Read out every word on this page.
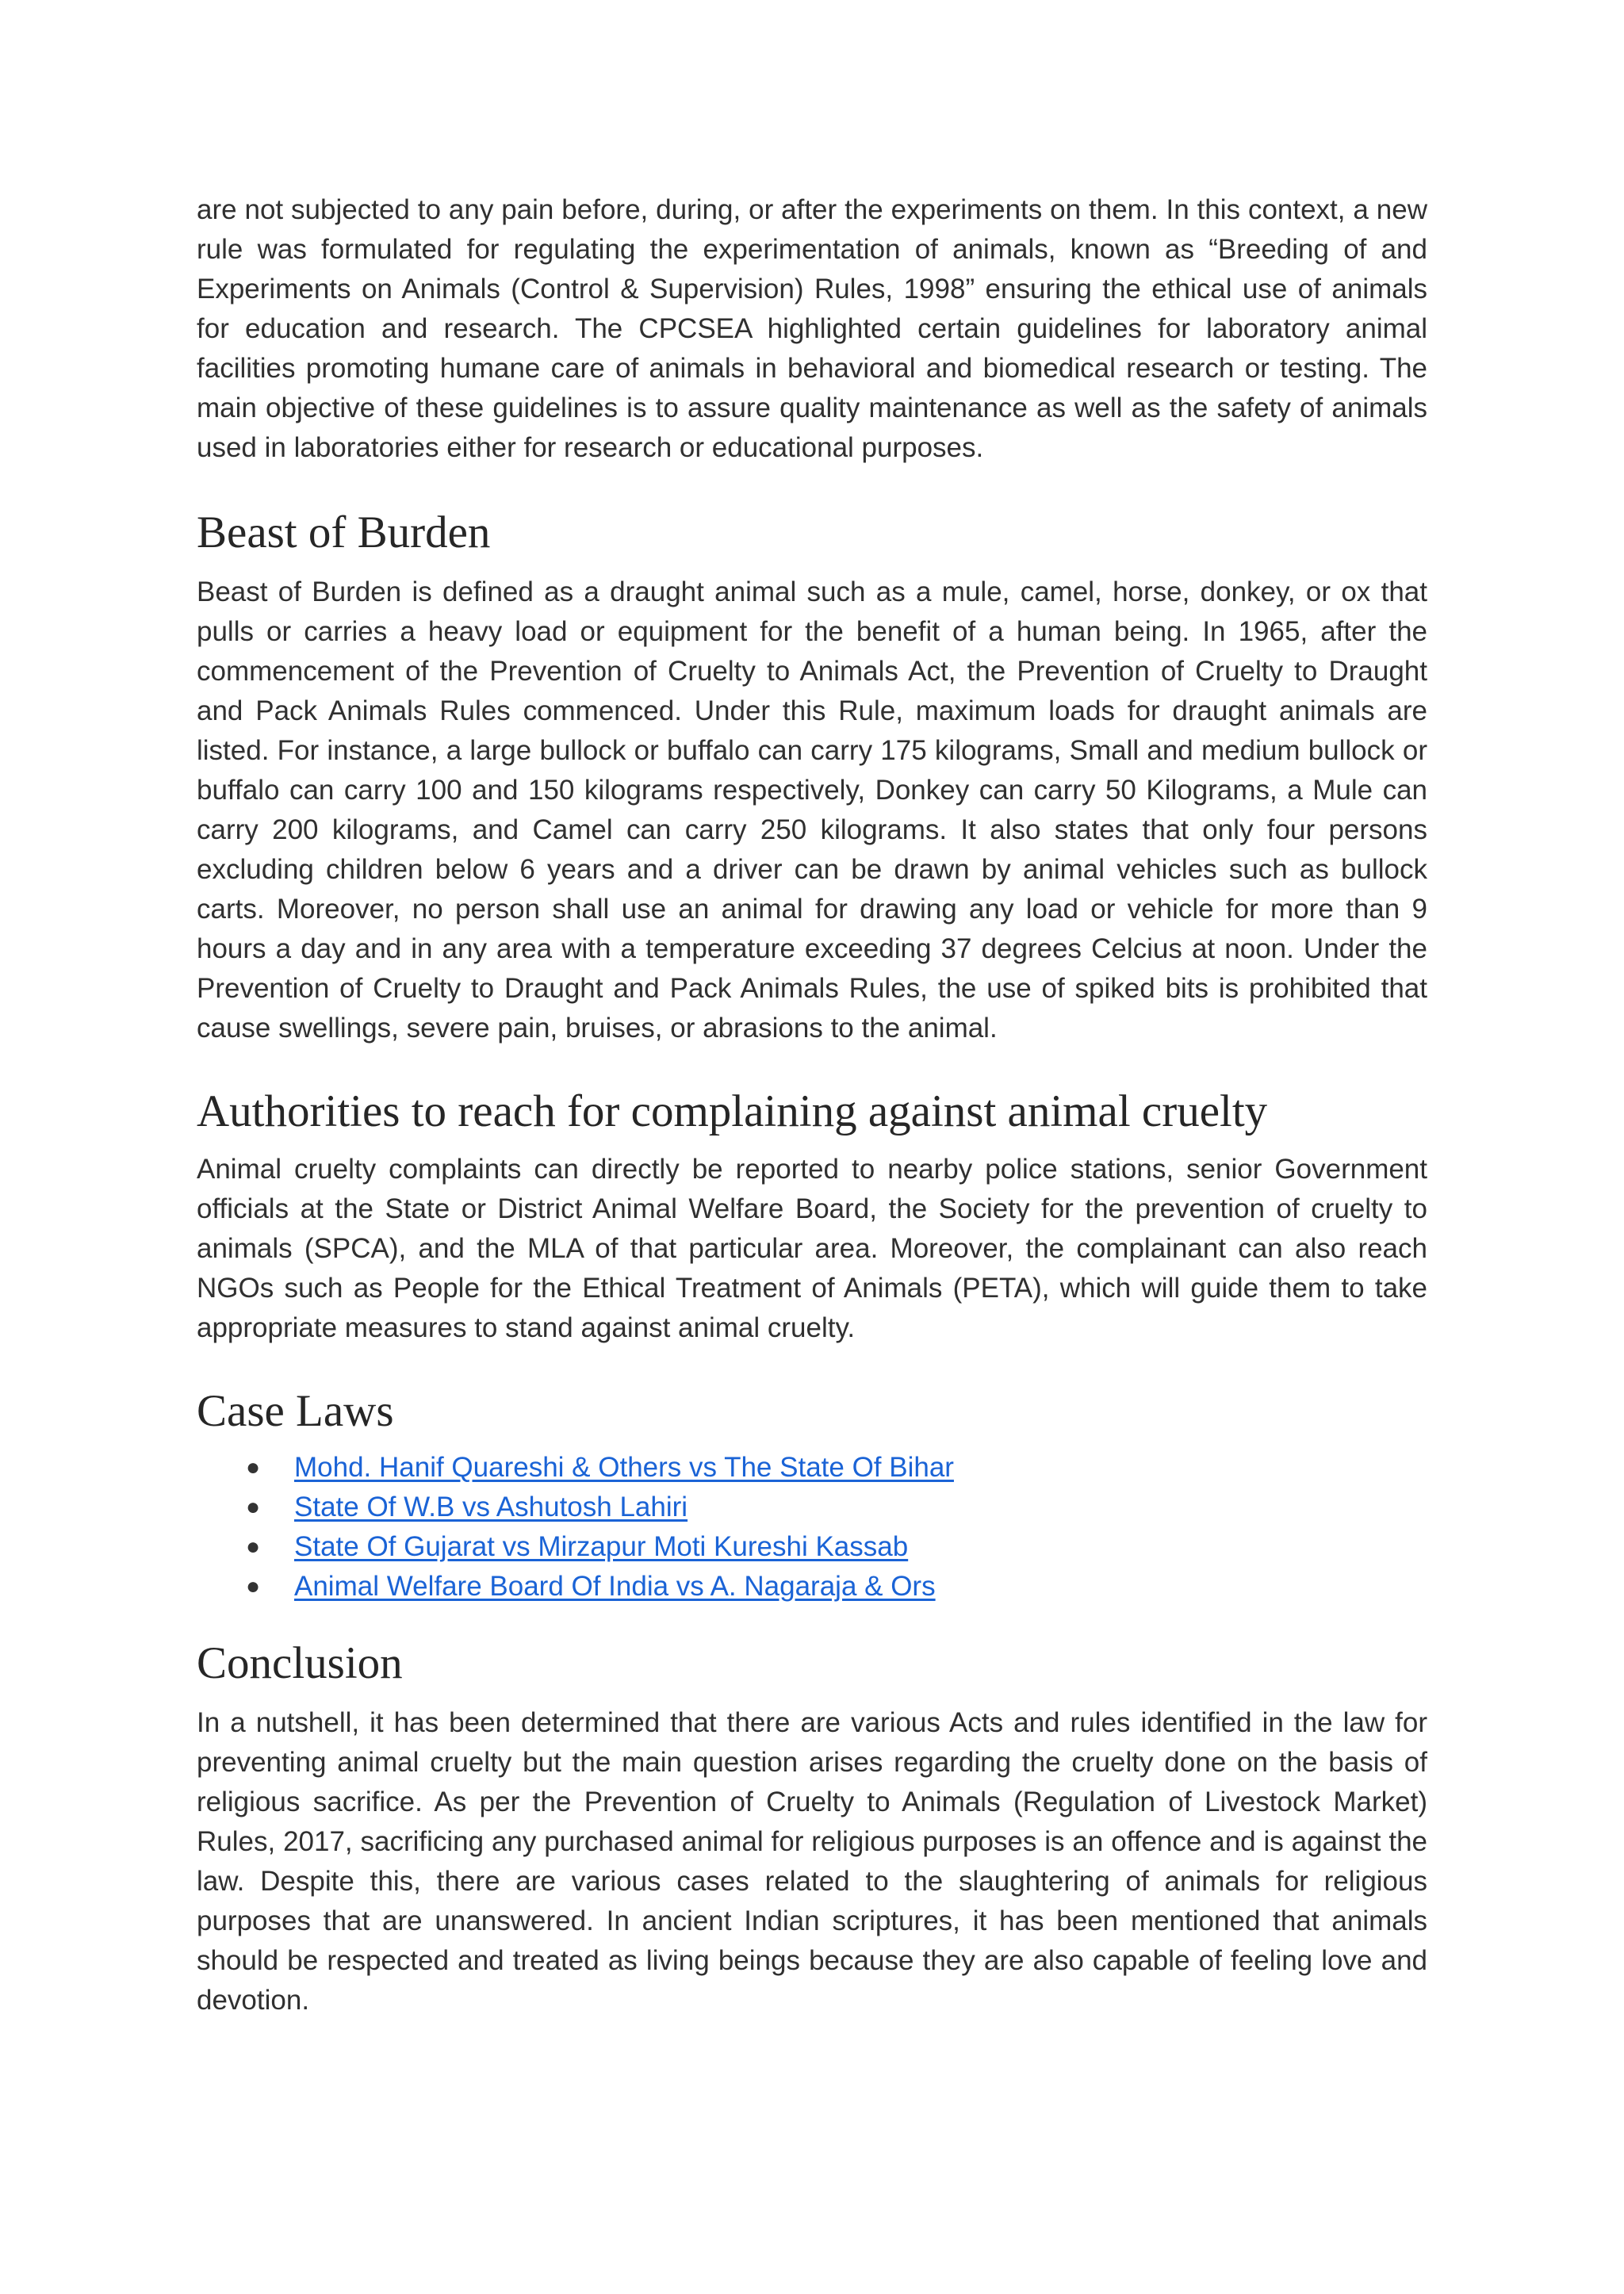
are not subjected to any pain before, during, or after the experiments on them. In this context, a new rule was formulated for regulating the experimentation of animals, known as “Breeding of and Experiments on Animals (Control & Supervision) Rules, 1998” ensuring the ethical use of animals for education and research. The CPCSEA highlighted certain guidelines for laboratory animal facilities promoting humane care of animals in behavioral and biomedical research or testing. The main objective of these guidelines is to assure quality maintenance as well as the safety of animals used in laboratories either for research or educational purposes.

Beast of Burden

Beast of Burden is defined as a draught animal such as a mule, camel, horse, donkey, or ox that pulls or carries a heavy load or equipment for the benefit of a human being. In 1965, after the commencement of the Prevention of Cruelty to Animals Act, the Prevention of Cruelty to Draught and Pack Animals Rules commenced. Under this Rule, maximum loads for draught animals are listed. For instance, a large bullock or buffalo can carry 175 kilograms, Small and medium bullock or buffalo can carry 100 and 150 kilograms respectively, Donkey can carry 50 Kilograms, a Mule can carry 200 kilograms, and Camel can carry 250 kilograms. It also states that only four persons excluding children below 6 years and a driver can be drawn by animal vehicles such as bullock carts. Moreover, no person shall use an animal for drawing any load or vehicle for more than 9 hours a day and in any area with a temperature exceeding 37 degrees Celcius at noon. Under the Prevention of Cruelty to Draught and Pack Animals Rules, the use of spiked bits is prohibited that cause swellings, severe pain, bruises, or abrasions to the animal.

Authorities to reach for complaining against animal cruelty

Animal cruelty complaints can directly be reported to nearby police stations, senior Government officials at the State or District Animal Welfare Board, the Society for the prevention of cruelty to animals (SPCA), and the MLA of that particular area. Moreover, the complainant can also reach NGOs such as People for the Ethical Treatment of Animals (PETA), which will guide them to take appropriate measures to stand against animal cruelty.

Case Laws
● Mohd. Hanif Quareshi & Others vs The State Of Bihar
● State Of W.B vs Ashutosh Lahiri
● State Of Gujarat vs Mirzapur Moti Kureshi Kassab
● Animal Welfare Board Of India vs A. Nagaraja & Ors
Conclusion

In a nutshell, it has been determined that there are various Acts and rules identified in the law for preventing animal cruelty but the main question arises regarding the cruelty done on the basis of religious sacrifice. As per the Prevention of Cruelty to Animals (Regulation of Livestock Market) Rules, 2017, sacrificing any purchased animal for religious purposes is an offence and is against the law. Despite this, there are various cases related to the slaughtering of animals for religious purposes that are unanswered. In ancient Indian scriptures, it has been mentioned that animals should be respected and treated as living beings because they are also capable of feeling love and devotion.
